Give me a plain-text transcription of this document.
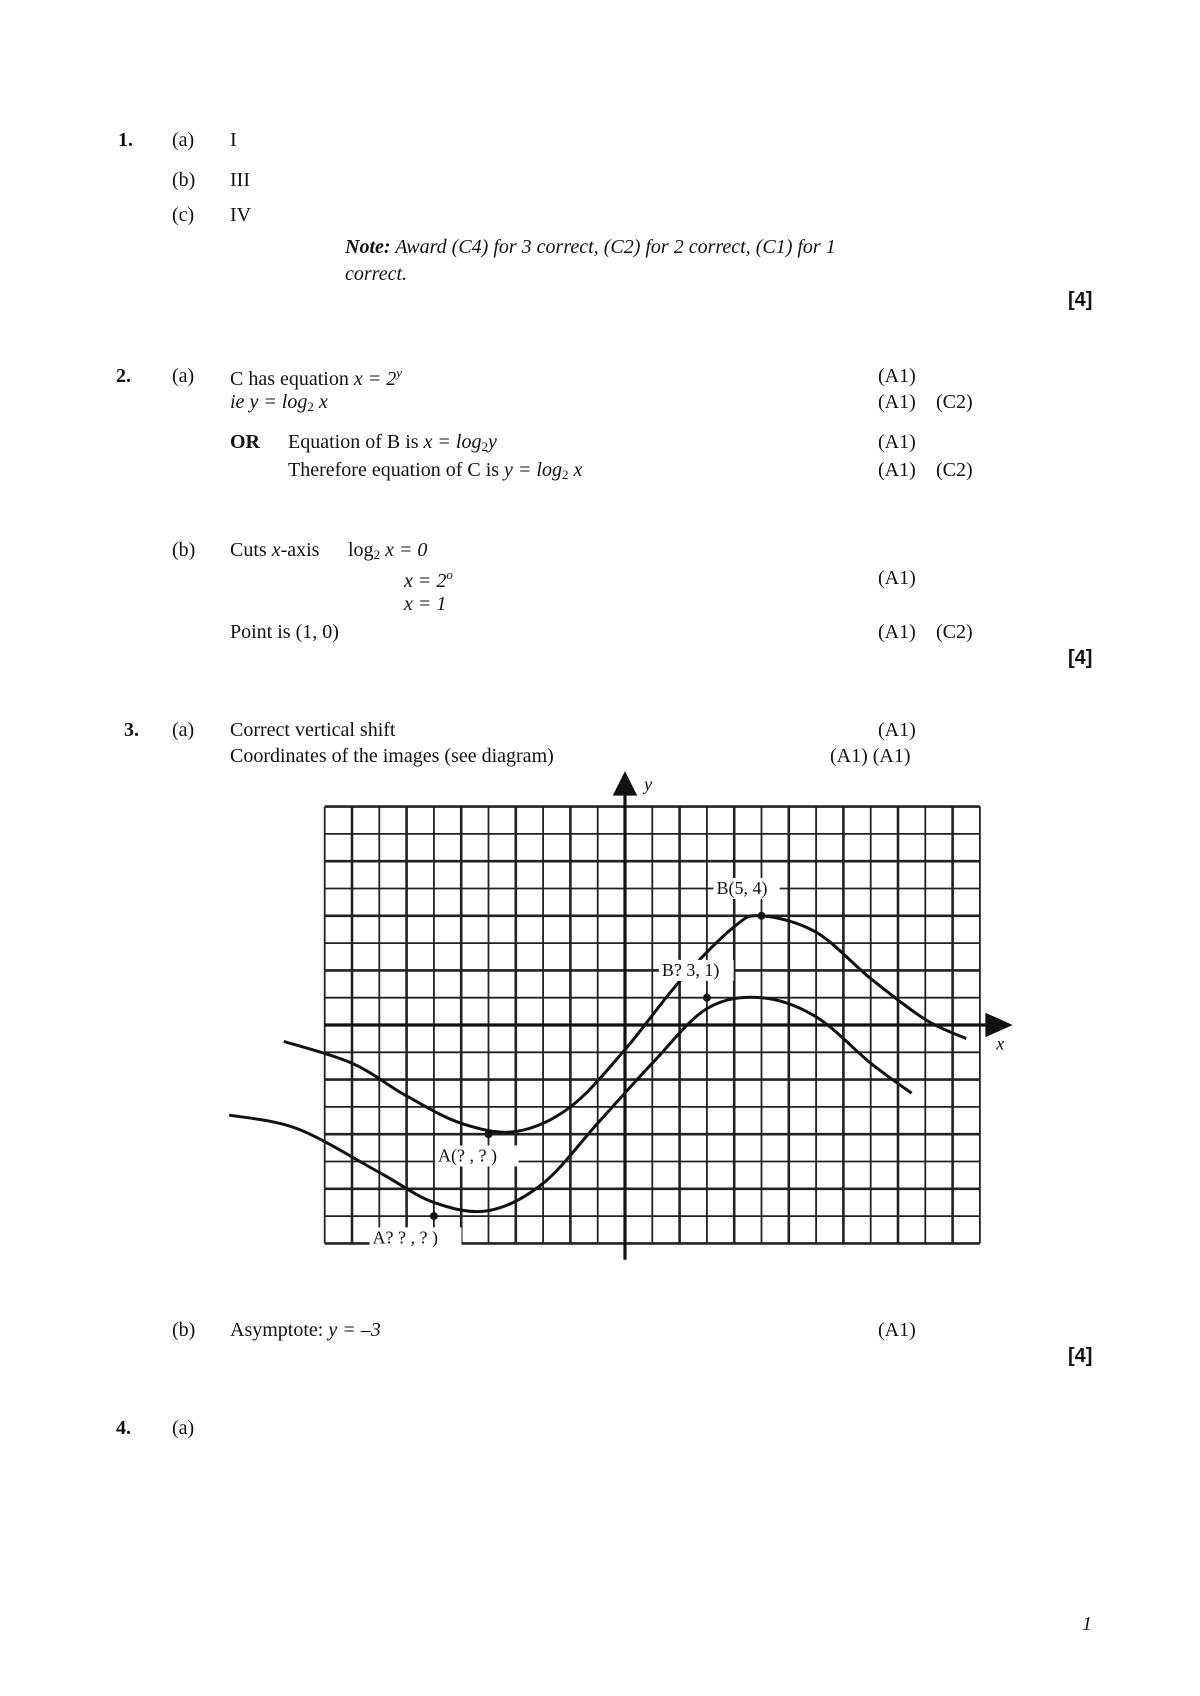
1. (a) I
(b) III
(c) IV
Note: Award (C4) for 3 correct, (C2) for 2 correct, (C1) for 1
correct.
[4]
2. (a) C has equation $x = 2^y$	(A1)
ie $y = \log_2 x$	(A1) (C2)
OR Equation of B is $x = \log_2y$	(A1)
Therefore equation of C is $y = \log_2 x$	(A1) (C2)
(b) Cuts x-axis $\log_2 x = 0$
$x = 2^o$	(A1)
x = 1
Point is (1, 0)	(A1) (C2)
[4]
3. (a) Correct vertical shift	(A1)
Coordinates of the images (see diagram)	(A1) (A1)
A(? , ? )
A? ? , ? )
B(5, 4)
B? 3, 1)
x
y
(b) Asymptote: y = –3	(A1)
[4]
4. (a)
1
